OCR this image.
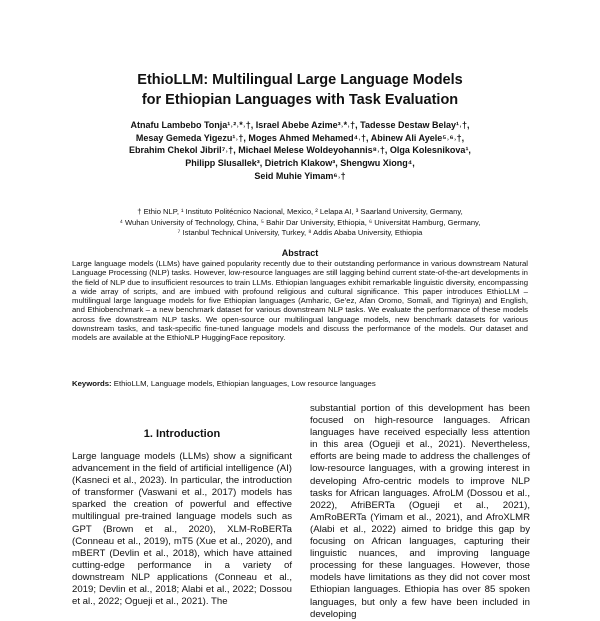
EthioLLM: Multilingual Large Language Models
for Ethiopian Languages with Task Evaluation
Atnafu Lambebo Tonja¹˒²˒*˒†, Israel Abebe Azime³˒*˒†, Tadesse Destaw Belay¹˒†,
Mesay Gemeda Yigezu¹˒†, Moges Ahmed Mehamed⁴˒†, Abinew Ali Ayele⁵˒⁶˒†,
Ebrahim Chekol Jibril⁷˒†, Michael Melese Woldeyohannis⁸˒†, Olga Kolesnikova¹,
Philipp Slusallek³, Dietrich Klakow³, Shengwu Xiong⁴,
Seid Muhie Yimam⁶˒†
† Ethio NLP, ¹ Instituto Politécnico Nacional, Mexico, ² Lelapa AI, ³ Saarland University, Germany,
⁴ Wuhan University of Technology, China, ⁵ Bahir Dar University, Ethiopia, ⁶ Universität Hamburg, Germany,
⁷ Istanbul Technical University, Turkey, ⁸ Addis Ababa University, Ethiopia
Abstract

Large language models (LLMs) have gained popularity recently due to their outstanding performance in various downstream Natural Language Processing (NLP) tasks. However, low-resource languages are still lagging behind current state-of-the-art developments in the field of NLP due to insufficient resources to train LLMs. Ethiopian languages exhibit remarkable linguistic diversity, encompassing a wide array of scripts, and are imbued with profound religious and cultural significance. This paper introduces EthioLLM – multilingual large language models for five Ethiopian languages (Amharic, Ge’ez, Afan Oromo, Somali, and Tigrinya) and English, and Ethiobenchmark – a new benchmark dataset for various downstream NLP tasks. We evaluate the performance of these models across five downstream NLP tasks. We open-source our multilingual language models, new benchmark datasets for various downstream tasks, and task-specific fine-tuned language models and discuss the performance of the models. Our dataset and models are available at the EthioNLP HuggingFace repository.

Keywords: EthioLLM, Language models, Ethiopian languages, Low resource languages

1. Introduction

Large language models (LLMs) show a significant advancement in the field of artificial intelligence (AI) (Kasneci et al., 2023). In particular, the introduction of transformer (Vaswani et al., 2017) models has sparked the creation of powerful and effective multilingual pre-trained language models such as GPT (Brown et al., 2020), XLM-RoBERTa (Conneau et al., 2019), mT5 (Xue et al., 2020), and mBERT (Devlin et al., 2018), which have attained cutting-edge performance in a variety of downstream NLP applications (Conneau et al., 2019; Devlin et al., 2018; Alabi et al., 2022; Dossou et al., 2022; Ogueji et al., 2021). The

substantial portion of this development has been focused on high-resource languages. African languages have received especially less attention in this area (Ogueji et al., 2021). Nevertheless, efforts are being made to address the challenges of low-resource languages, with a growing interest in developing Afro-centric models to improve NLP tasks for African languages. AfroLM (Dossou et al., 2022), AfriBERTa (Ogueji et al., 2021), AmRoBERTa (Yimam et al., 2021), and AfroXLMR (Alabi et al., 2022) aimed to bridge this gap by focusing on African languages, capturing their linguistic nuances, and improving language processing for these languages. However, those models have limitations as they did not cover most Ethiopian languages. Ethiopia has over 85 spoken languages, but only a few have been included in developing
